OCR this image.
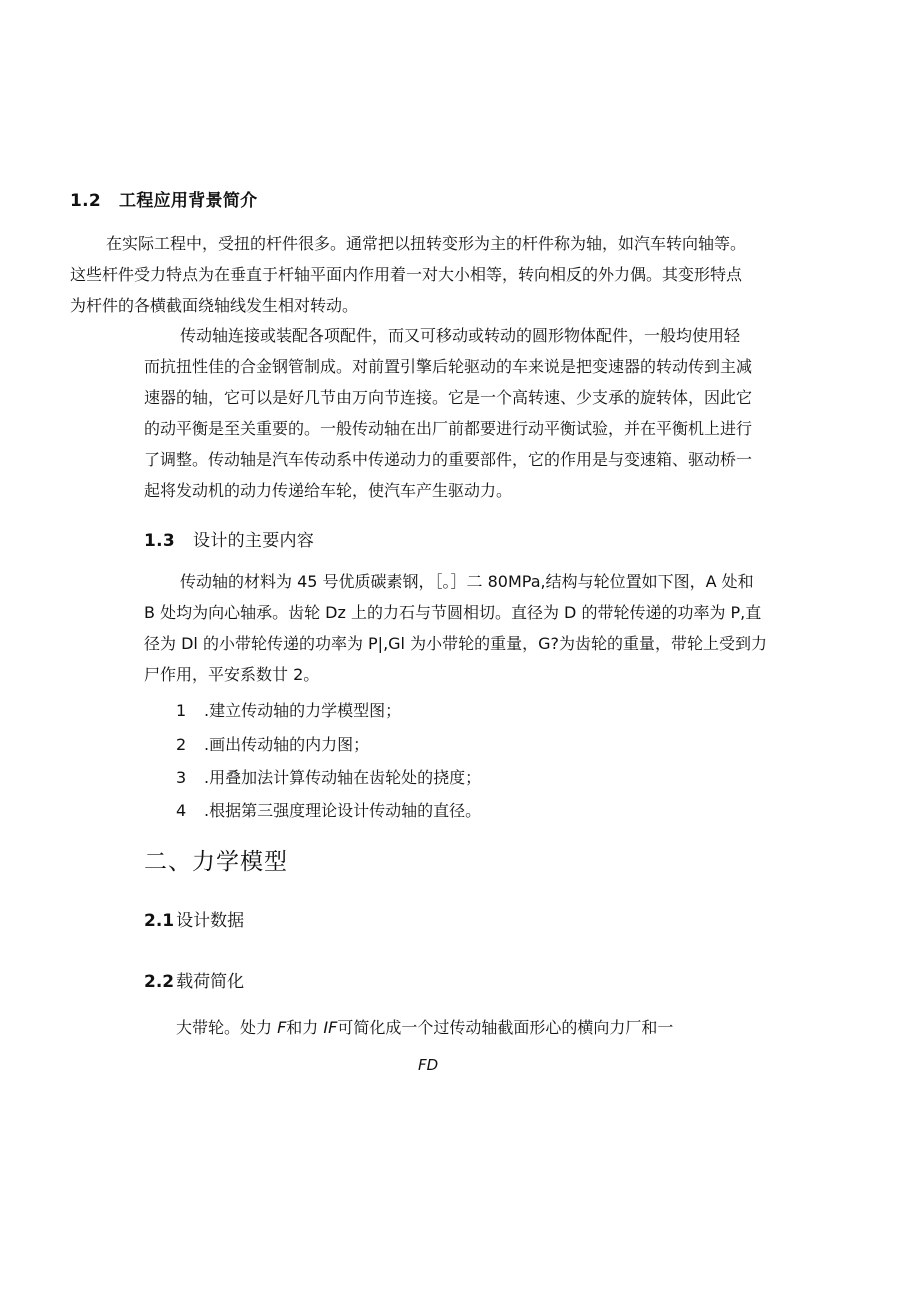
1.2 工程应用背景简介
在实际工程中，受扭的杆件很多。通常把以扭转变形为主的杆件称为轴，如汽车转向轴等。
这些杆件受力特点为在垂直于杆轴平面内作用着一对大小相等，转向相反的外力偶。其变形特点
为杆件的各横截面绕轴线发生相对转动。
传动轴连接或装配各项配件，而又可移动或转动的圆形物体配件，一般均使用轻
而抗扭性佳的合金钢管制成。对前置引擎后轮驱动的车来说是把变速器的转动传到主减
速器的轴，它可以是好几节由万向节连接。它是一个高转速、少支承的旋转体，因此它
的动平衡是至关重要的。一般传动轴在出厂前都要进行动平衡试验，并在平衡机上进行
了调整。传动轴是汽车传动系中传递动力的重要部件，它的作用是与变速箱、驱动桥一
起将发动机的动力传递给车轮，使汽车产生驱动力。
1.3 设计的主要内容
传动轴的材料为 45 号优质碳素钢，［。］二 80MPa,结构与轮位置如下图，A 处和
B 处均为向心轴承。齿轮 Dz 上的力石与节圆相切。直径为 D 的带轮传递的功率为 P,直
径为 Dl 的小带轮传递的功率为 P|,Gl 为小带轮的重量，G?为齿轮的重量，带轮上受到力
尸作用，平安系数廿 2。
1 .建立传动轴的力学模型图；
2 .画出传动轴的内力图；
3 .用叠加法计算传动轴在齿轮处的挠度；
4 .根据第三强度理论设计传动轴的直径。
二、力学模型
2.1 设计数据
2.2 载荷简化
大带轮。处力 F和力 IF可简化成一个过传动轴截面形心的横向力厂和一
FD
